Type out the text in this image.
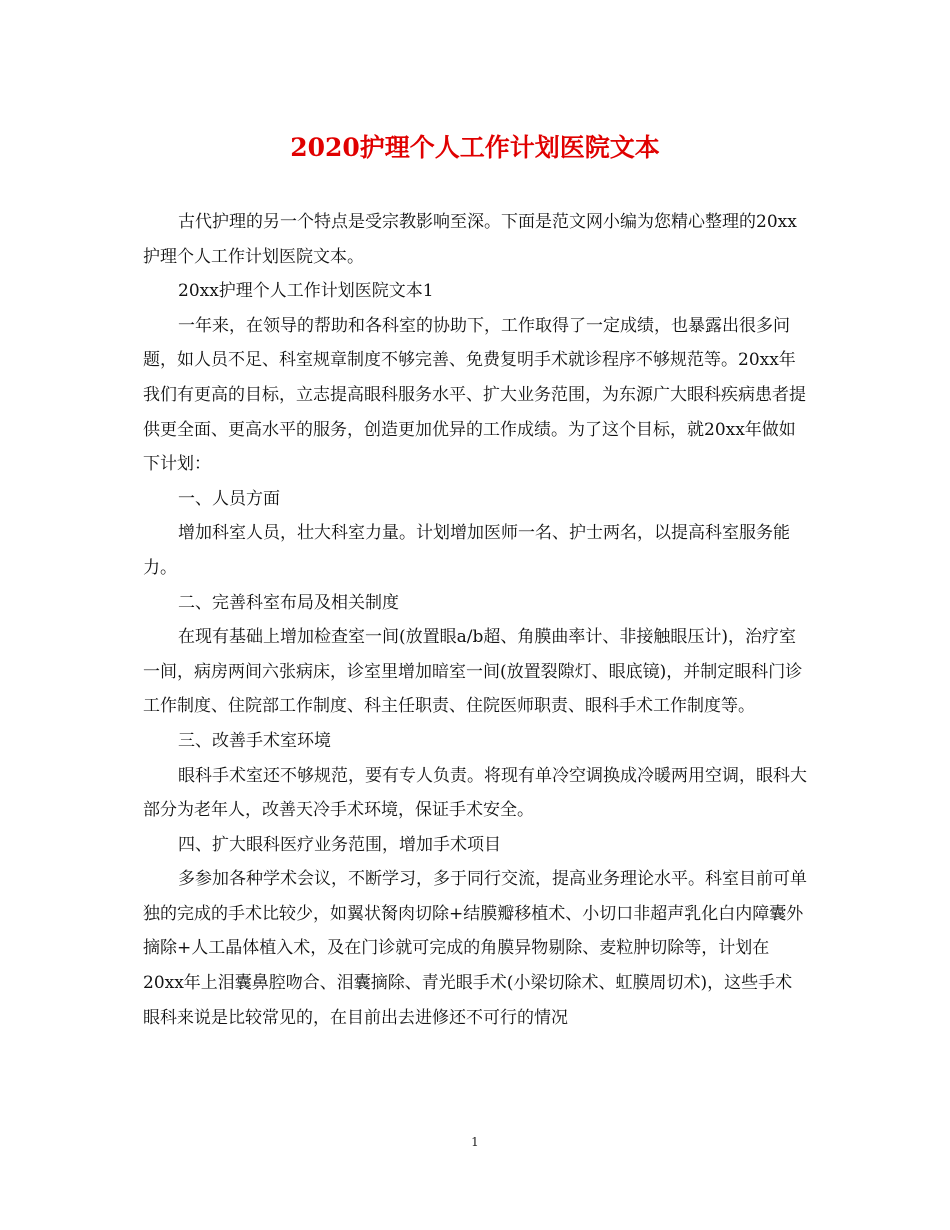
2020护理个人工作计划医院文本

古代护理的另一个特点是受宗教影响至深。下面是范文网小编为您精心整理的20xx护理个人工作计划医院文本。

20xx护理个人工作计划医院文本1

一年来，在领导的帮助和各科室的协助下，工作取得了一定成绩，也暴露出很多问题，如人员不足、科室规章制度不够完善、免费复明手术就诊程序不够规范等。20xx年我们有更高的目标，立志提高眼科服务水平、扩大业务范围，为东源广大眼科疾病患者提供更全面、更高水平的服务，创造更加优异的工作成绩。为了这个目标，就20xx年做如下计划：

一、人员方面

增加科室人员，壮大科室力量。计划增加医师一名、护士两名，以提高科室服务能力。

二、完善科室布局及相关制度

在现有基础上增加检查室一间(放置眼a/b超、角膜曲率计、非接触眼压计)，治疗室一间，病房两间六张病床，诊室里增加暗室一间(放置裂隙灯、眼底镜)，并制定眼科门诊工作制度、住院部工作制度、科主任职责、住院医师职责、眼科手术工作制度等。

三、改善手术室环境

眼科手术室还不够规范，要有专人负责。将现有单冷空调换成冷暖两用空调，眼科大部分为老年人，改善天冷手术环境，保证手术安全。

四、扩大眼科医疗业务范围，增加手术项目

多参加各种学术会议，不断学习，多于同行交流，提高业务理论水平。科室目前可单独的完成的手术比较少，如翼状胬肉切除+结膜瓣移植术、小切口非超声乳化白内障囊外摘除+人工晶体植入术，及在门诊就可完成的角膜异物剔除、麦粒肿切除等，计划在20xx年上泪囊鼻腔吻合、泪囊摘除、青光眼手术(小梁切除术、虹膜周切术)，这些手术眼科来说是比较常见的，在目前出去进修还不可行的情况

1
